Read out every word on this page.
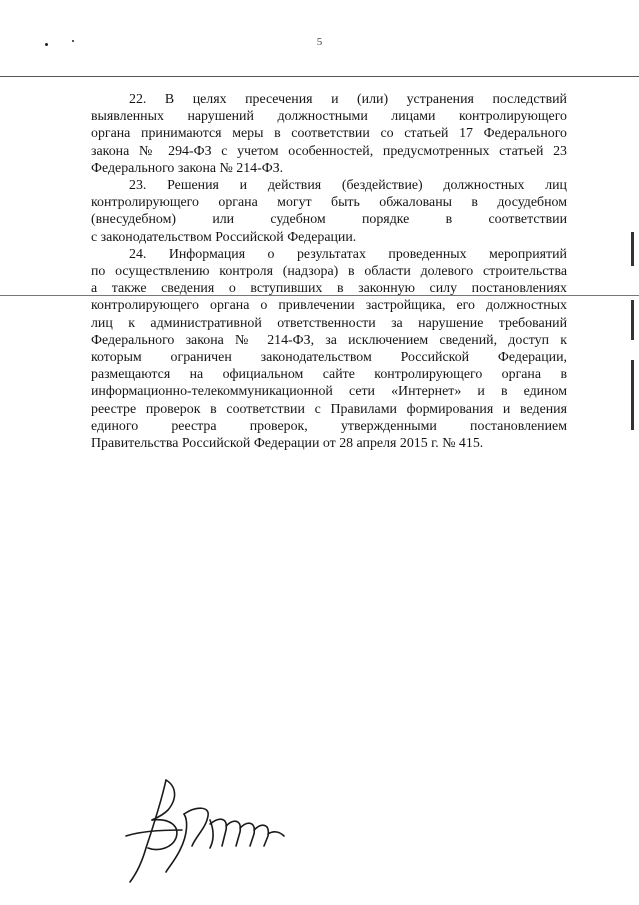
5
22. В целях пресечения и (или) устранения последствий
выявленных нарушений должностными лицами контролирующего
органа принимаются меры в соответствии со статьей 17 Федерального
закона № 294-ФЗ с учетом особенностей, предусмотренных статьей 23
Федерального закона № 214-ФЗ.
23. Решения и действия (бездействие) должностных лиц
контролирующего органа могут быть обжалованы в досудебном
(внесудебном) или судебном порядке в соответствии
с законодательством Российской Федерации.
24. Информация о результатах проведенных мероприятий
по осуществлению контроля (надзора) в области долевого строительства
а также сведения о вступивших в законную силу постановлениях
контролирующего органа о привлечении застройщика, его должностных
лиц к административной ответственности за нарушение требований
Федерального закона № 214-ФЗ, за исключением сведений, доступ к
которым ограничен законодательством Российской Федерации,
размещаются на официальном сайте контролирующего органа в
информационно-телекоммуникационной сети «Интернет» и в едином
реестре проверок в соответствии с Правилами формирования и ведения
единого реестра проверок, утвержденными постановлением
Правительства Российской Федерации от 28 апреля 2015 г. № 415.
